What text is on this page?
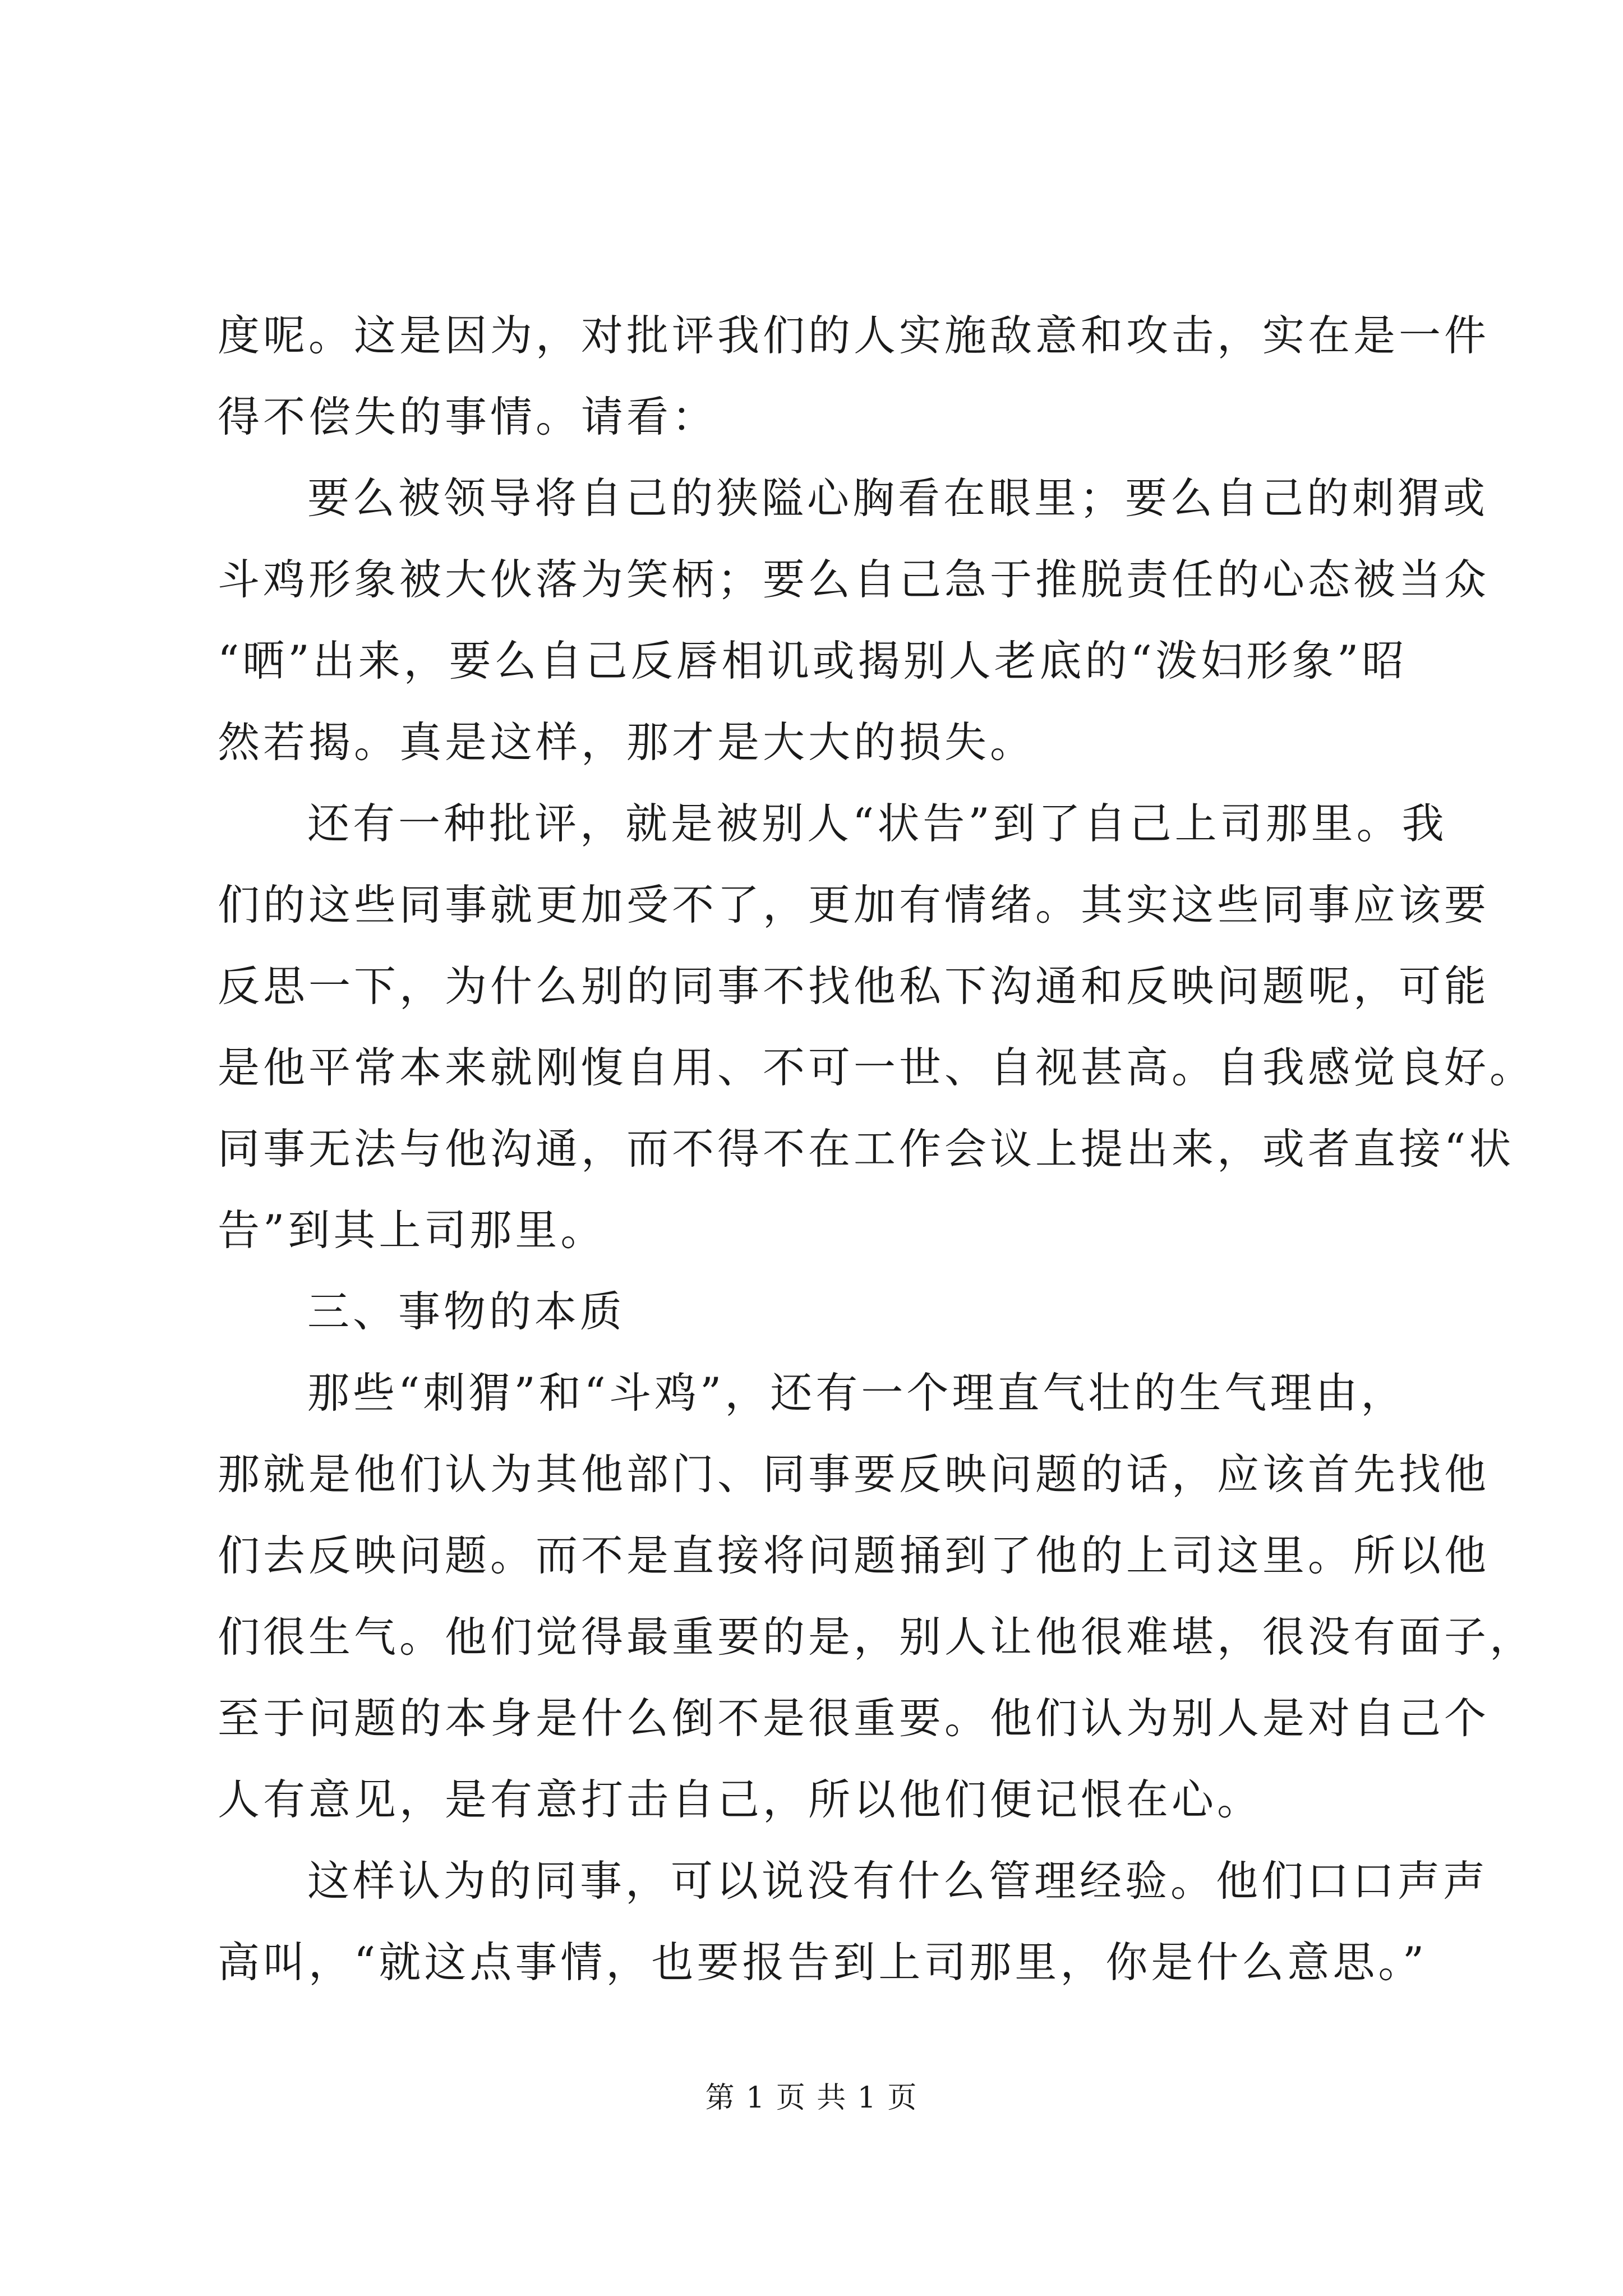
度呢。这是因为，对批评我们的人实施敌意和攻击，实在是一件
得不偿失的事情。请看：
要么被领导将自己的狭隘心胸看在眼里；要么自己的刺猬或
斗鸡形象被大伙落为笑柄；要么自己急于推脱责任的心态被当众
“晒”出来，要么自己反唇相讥或揭别人老底的“泼妇形象”昭
然若揭。真是这样，那才是大大的损失。
还有一种批评，就是被别人“状告”到了自己上司那里。我
们的这些同事就更加受不了，更加有情绪。其实这些同事应该要
反思一下，为什么别的同事不找他私下沟通和反映问题呢，可能
是他平常本来就刚愎自用、不可一世、自视甚高。自我感觉良好。
同事无法与他沟通，而不得不在工作会议上提出来，或者直接“状
告”到其上司那里。
三、事物的本质
那些“刺猬”和“斗鸡”，还有一个理直气壮的生气理由，
那就是他们认为其他部门、同事要反映问题的话，应该首先找他
们去反映问题。而不是直接将问题捅到了他的上司这里。所以他
们很生气。他们觉得最重要的是，别人让他很难堪，很没有面子，
至于问题的本身是什么倒不是很重要。他们认为别人是对自己个
人有意见，是有意打击自己，所以他们便记恨在心。
这样认为的同事，可以说没有什么管理经验。他们口口声声
高叫，“就这点事情，也要报告到上司那里，你是什么意思。”
第 1 页 共 1 页
